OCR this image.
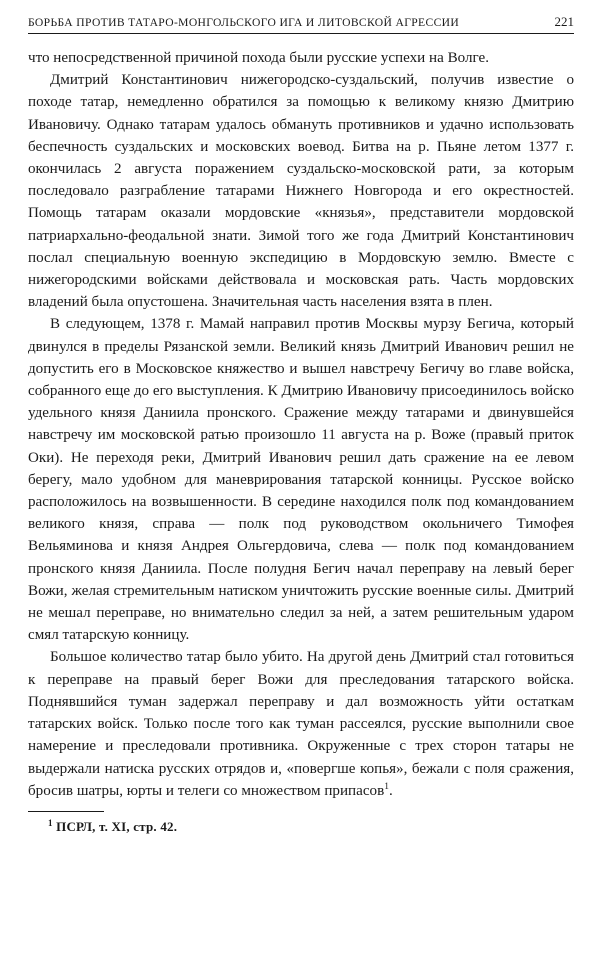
БОРЬБА ПРОТИВ ТАТАРО-МОНГОЛЬСКОГО ИГА И ЛИТОВСКОЙ АГРЕССИИ	221

что непосредственной причиной похода были русские успехи на Волге.

Дмитрий Константинович нижегородско-суздальский, получив известие о походе татар, немедленно обратился за помощью к великому князю Дмитрию Ивановичу. Однако татарам удалось обмануть противников и удачно использовать беспечность суздальских и московских воевод. Битва на р. Пьяне летом 1377 г. окончилась 2 августа поражением суздальско-московской рати, за которым последовало разграбление татарами Нижнего Новгорода и его окрестностей. Помощь татарам оказали мордовские «князья», представители мордовской патриархально-феодальной знати. Зимой того же года Дмитрий Константинович послал специальную военную экспедицию в Мордовскую землю. Вместе с нижегородскими войсками действовала и московская рать. Часть мордовских владений была опустошена. Значительная часть населения взята в плен.

В следующем, 1378 г. Мамай направил против Москвы мурзу Бегича, который двинулся в пределы Рязанской земли. Великий князь Дмитрий Иванович решил не допустить его в Московское княжество и вышел навстречу Бегичу во главе войска, собранного еще до его выступления. К Дмитрию Ивановичу присоединилось войско удельного князя Даниила пронского. Сражение между татарами и двинувшейся навстречу им московской ратью произошло 11 августа на р. Воже (правый приток Оки). Не переходя реки, Дмитрий Иванович решил дать сражение на ее левом берегу, мало удобном для маневрирования татарской конницы. Русское войско расположилось на возвышенности. В середине находился полк под командованием великого князя, справа — полк под руководством окольничего Тимофея Вельяминова и князя Андрея Ольгердовича, слева — полк под командованием пронского князя Даниила. После полудня Бегич начал переправу на левый берег Вожи, желая стремительным натиском уничтожить русские военные силы. Дмитрий не мешал переправе, но внимательно следил за ней, а затем решительным ударом смял татарскую конницу.

Большое количество татар было убито. На другой день Дмитрий стал готовиться к переправе на правый берег Вожи для преследования татарского войска. Поднявшийся туман задержал переправу и дал возможность уйти остаткам татарских войск. Только после того как туман рассеялся, русские выполнили свое намерение и преследовали противника. Окруженные с трех сторон татары не выдержали натиска русских отрядов и, «повергше копья», бежали с поля сражения, бросив шатры, юрты и телеги со множеством припасов$^1$.

$^1$ ПСРЛ, т. XI, стр. 42.
